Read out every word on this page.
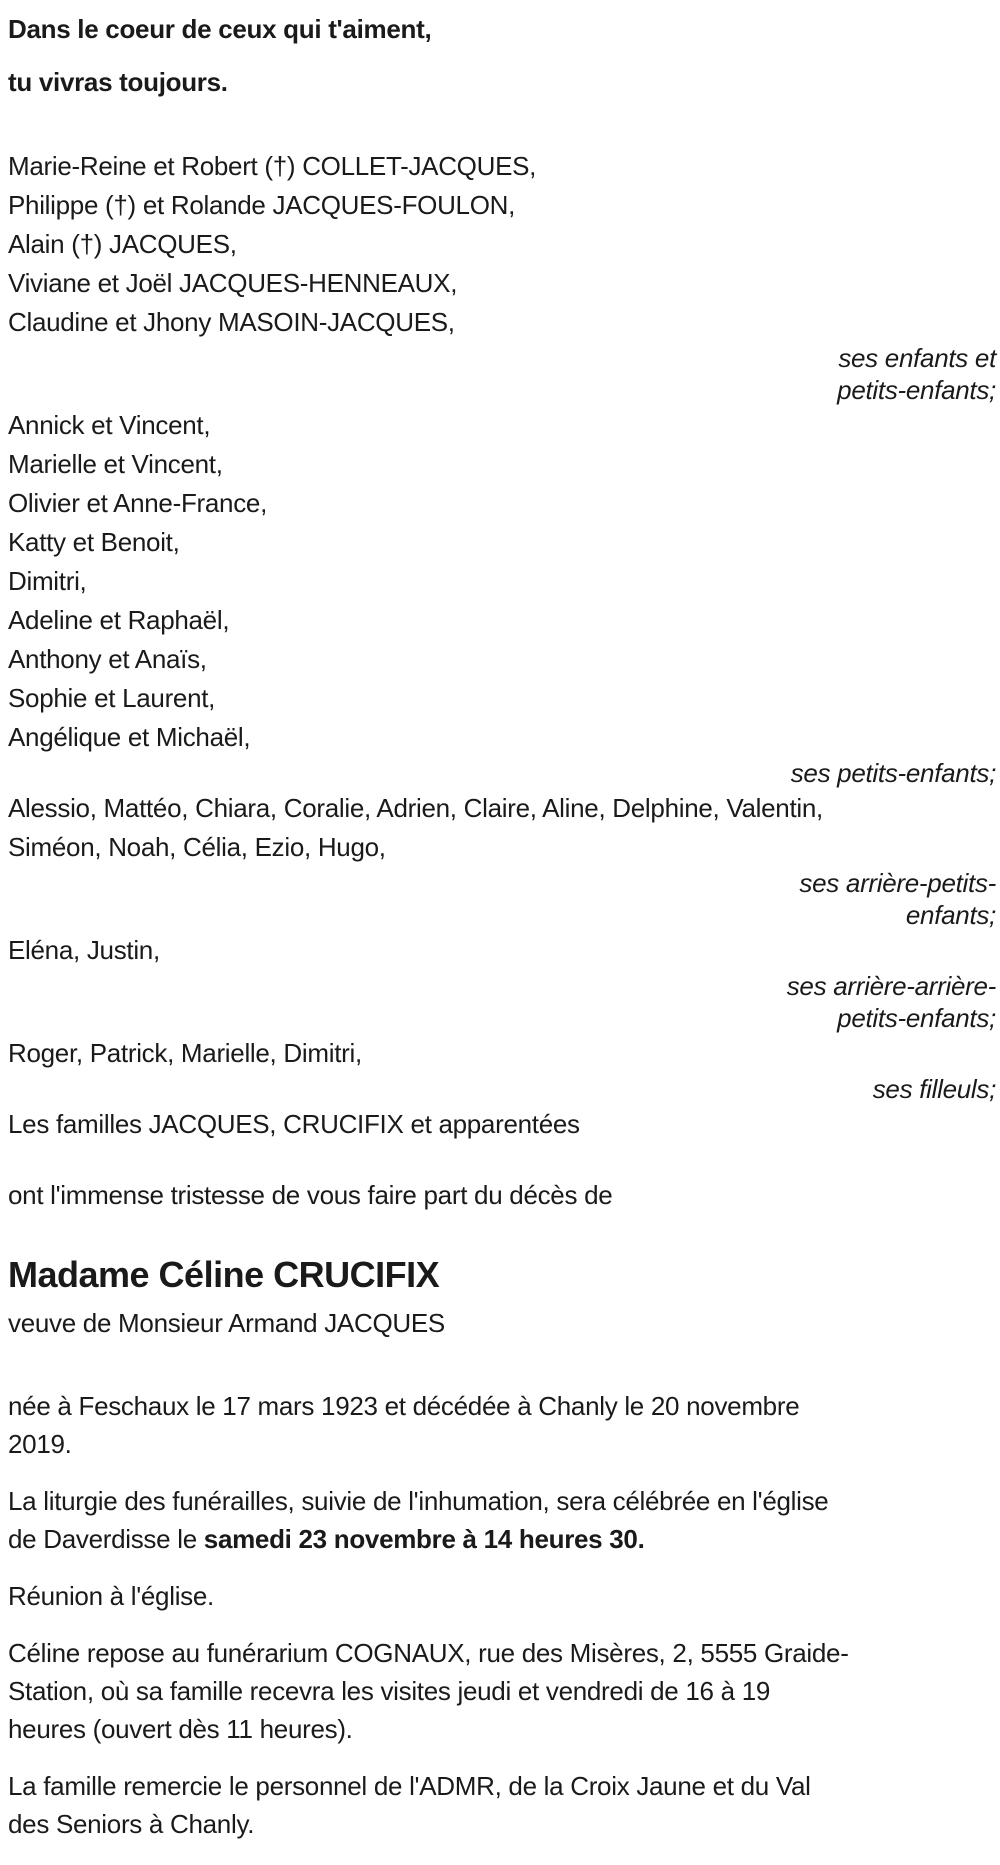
Dans le coeur de ceux qui t'aiment,

tu vivras toujours.

Marie-Reine et Robert (†) COLLET-JACQUES,

Philippe (†) et Rolande JACQUES-FOULON,

Alain (†) JACQUES,

Viviane et Joël JACQUES-HENNEAUX,

Claudine et Jhony MASOIN-JACQUES,

ses enfants et

petits-enfants;

Annick et Vincent,

Marielle et Vincent,

Olivier et Anne-France,

Katty et Benoit,

Dimitri,

Adeline et Raphaël,

Anthony et Anaïs,

Sophie et Laurent,

Angélique et Michaël,

ses petits-enfants;

Alessio, Mattéo, Chiara, Coralie, Adrien, Claire, Aline, Delphine, Valentin,

Siméon, Noah, Célia, Ezio, Hugo,

ses arrière-petits-

enfants;

Eléna, Justin,

ses arrière-arrière-

petits-enfants;

Roger, Patrick, Marielle, Dimitri,

ses filleuls;

Les familles JACQUES, CRUCIFIX et apparentées

ont l'immense tristesse de vous faire part du décès de

Madame Céline CRUCIFIX

veuve de Monsieur Armand JACQUES

née à Feschaux le 17 mars 1923 et décédée à Chanly le 20 novembre
2019.

La liturgie des funérailles, suivie de l'inhumation, sera célébrée en l'église
de Daverdisse le samedi 23 novembre à 14 heures 30.

Réunion à l'église.

Céline repose au funérarium COGNAUX, rue des Misères, 2, 5555 Graide-
Station, où sa famille recevra les visites jeudi et vendredi de 16 à 19
heures (ouvert dès 11 heures).

La famille remercie le personnel de l'ADMR, de la Croix Jaune et du Val
des Seniors à Chanly.
